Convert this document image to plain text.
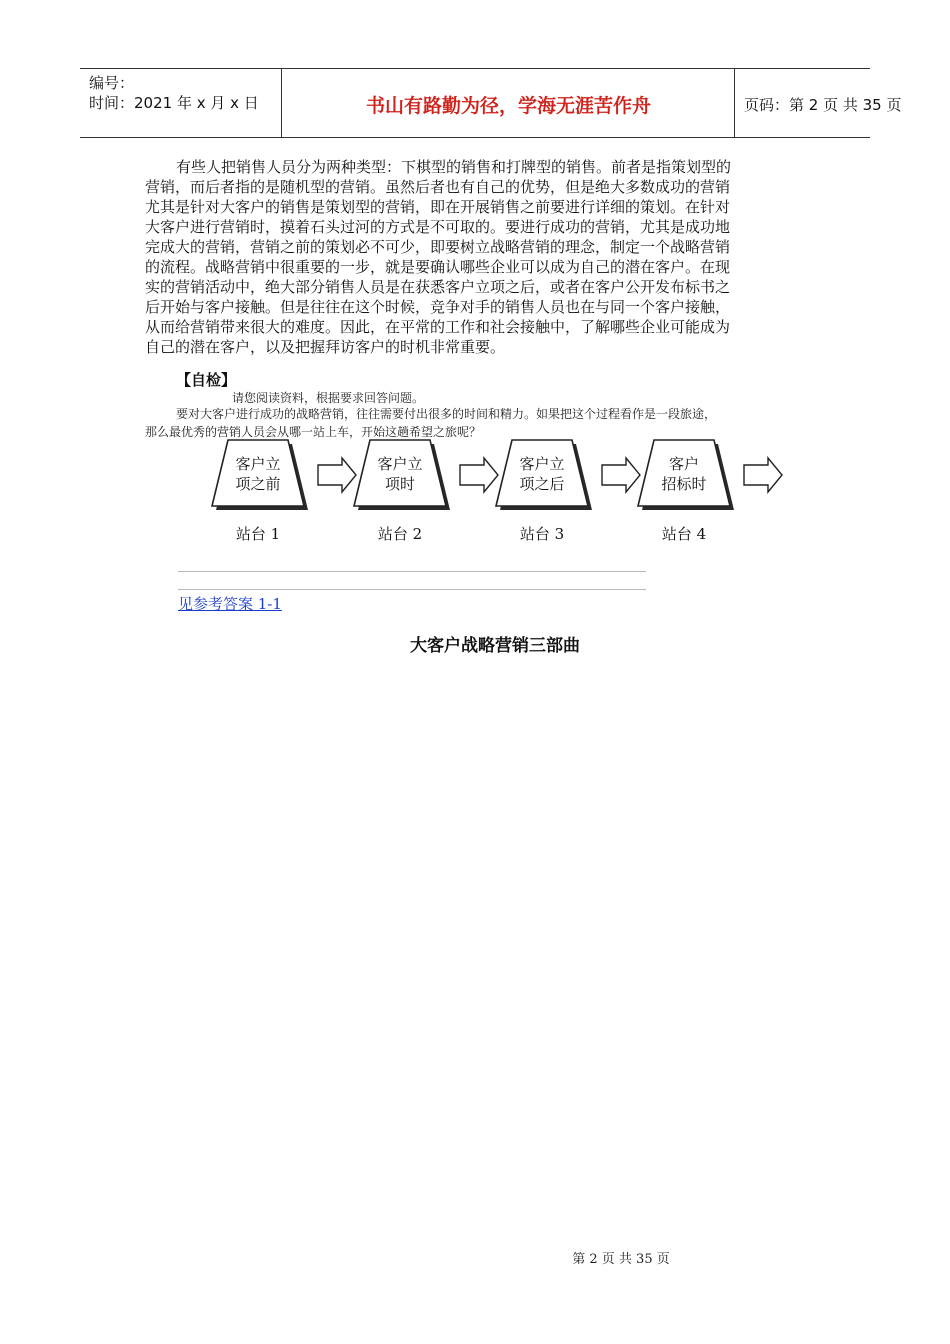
编号：
时间：2021 年 x 月 x 日	书山有路勤为径，学海无涯苦作舟	页码：第 2 页 共 35 页
有些人把销售人员分为两种类型：下棋型的销售和打牌型的销售。前者是指策划型的
营销，而后者指的是随机型的营销。虽然后者也有自己的优势，但是绝大多数成功的营销
尤其是针对大客户的销售是策划型的营销，即在开展销售之前要进行详细的策划。在针对
大客户进行营销时，摸着石头过河的方式是不可取的。要进行成功的营销，尤其是成功地
完成大的营销，营销之前的策划必不可少，即要树立战略营销的理念，制定一个战略营销
的流程。战略营销中很重要的一步，就是要确认哪些企业可以成为自己的潜在客户。在现
实的营销活动中，绝大部分销售人员是在获悉客户立项之后，或者在客户公开发布标书之
后开始与客户接触。但是往往在这个时候，竞争对手的销售人员也在与同一个客户接触，
从而给营销带来很大的难度。因此，在平常的工作和社会接触中，了解哪些企业可能成为
自己的潜在客户，以及把握拜访客户的时机非常重要。
【自检】
请您阅读资料，根据要求回答问题。
要对大客户进行成功的战略营销，往往需要付出很多的时间和精力。如果把这个过程看作是一段旅途，
那么最优秀的营销人员会从哪一站上车，开始这趟希望之旅呢？
客户立
项之前
站台 1
客户立
项时
站台 2
客户立
项之后
站台 3
客户
招标时
站台 4
见参考答案 1-1
大客户战略营销三部曲
第 2 页 共 35 页
